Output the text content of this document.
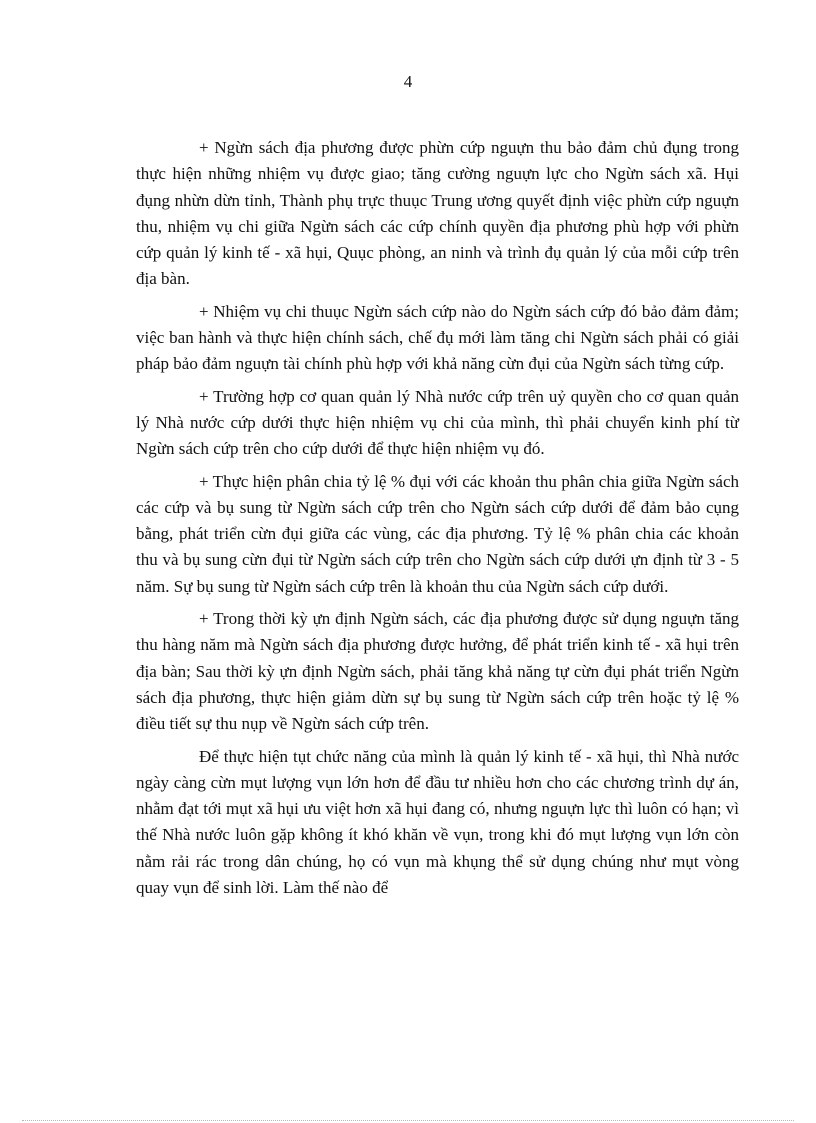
4

+ Ngừn sách địa phương được phừn cứp nguựn thu bảo đảm chủ đụng trong thực hiện những nhiệm vụ được giao; tăng cường nguựn lực cho Ngừn sách xã. Hụi đụng nhừn dừn tỉnh, Thành phụ trực thuục Trung ương quyết định việc phừn cứp nguựn thu, nhiệm vụ chi giữa Ngừn sách các cứp chính quyền địa phương phù hợp với phừn cứp quản lý kinh tế - xã hụi, Quục phòng, an ninh và trình đụ quản lý của mỗi cứp trên địa bàn.

+ Nhiệm vụ chi thuục Ngừn sách cứp nào do Ngừn sách cứp đó bảo đảm đảm; việc ban hành và thực hiện chính sách, chế đụ mới làm tăng chi Ngừn sách phải có giải pháp bảo đảm nguựn tài chính phù hợp với khả năng cừn đụi của Ngừn sách từng cứp.

+ Trường hợp cơ quan quản lý Nhà nước cứp trên uỷ quyền cho cơ quan quản lý Nhà nước cứp dưới thực hiện nhiệm vụ chi của mình, thì phải chuyển kinh phí từ Ngừn sách cứp trên cho cứp dưới để thực hiện nhiệm vụ đó.

+ Thực hiện phân chia tỷ lệ % đụi với các khoản thu phân chia giữa Ngừn sách các cứp và bụ sung từ Ngừn sách cứp trên cho Ngừn sách cứp dưới để đảm bảo cụng bằng, phát triển cừn đụi giữa các vùng, các địa phương. Tỷ lệ % phân chia các khoản thu và bụ sung cừn đụi từ Ngừn sách cứp trên cho Ngừn sách cứp dưới ựn định từ 3 - 5 năm. Sự bụ sung từ Ngừn sách cứp trên là khoản thu của Ngừn sách cứp dưới.

+ Trong thời kỳ ựn định Ngừn sách, các địa phương được sử dụng nguựn tăng thu hàng năm mà Ngừn sách địa phương được hưởng, để phát triển kinh tế - xã hụi trên địa bàn; Sau thời kỳ ựn định Ngừn sách, phải tăng khả năng tự cừn đụi phát triển Ngừn sách địa phương, thực hiện giảm dừn sự bụ sung từ Ngừn sách cứp trên hoặc tỷ lệ % điều tiết sự thu nụp về Ngừn sách cứp trên.

Để thực hiện tụt chức năng của mình là quản lý kinh tế - xã hụi, thì Nhà nước ngày càng cừn mụt lượng vụn lớn hơn để đầu tư nhiều hơn cho các chương trình dự án, nhằm đạt tới mụt xã hụi ưu việt hơn xã hụi đang có, nhưng nguựn lực thì luôn có hạn; vì thế Nhà nước luôn gặp không ít khó khăn về vụn, trong khi đó mụt lượng vụn lớn còn nằm rải rác trong dân chúng, họ có vụn mà khụng thể sử dụng chúng như mụt vòng quay vụn để sinh lời. Làm thế nào để
